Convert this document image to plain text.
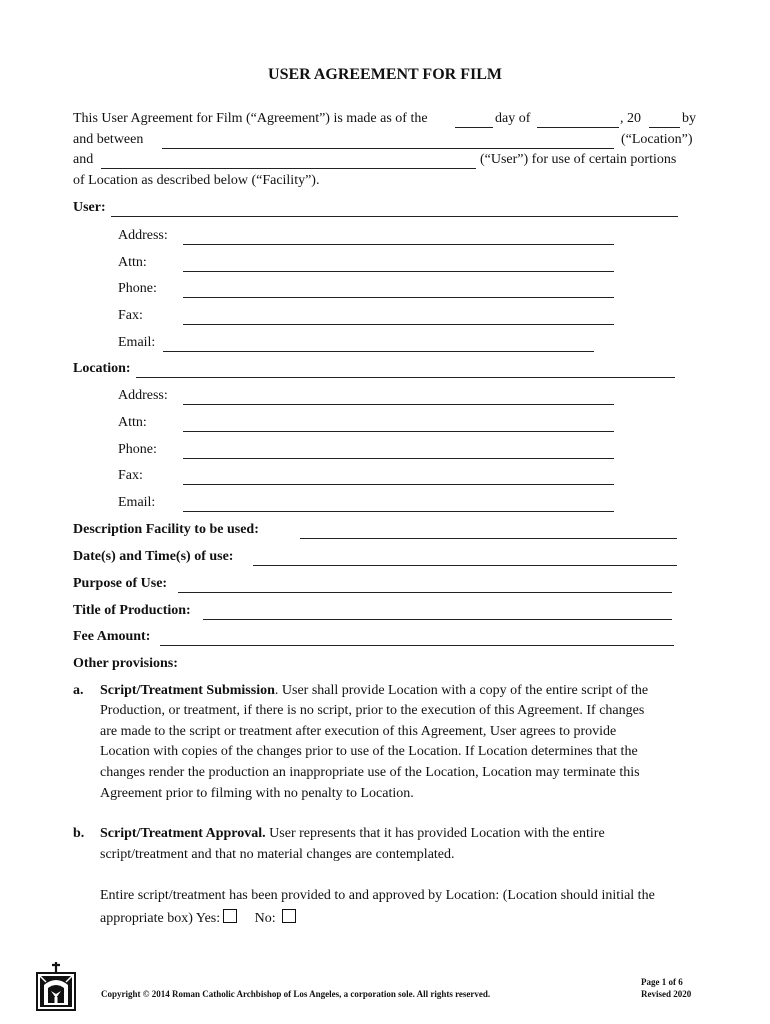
USER AGREEMENT FOR FILM
This User Agreement for Film (“Agreement”) is made as of the	day of	, 20	by
and between	(“Location”)
and	(“User”) for use of certain portions
of Location as described below (“Facility”).
User:
Address:
Attn:
Phone:
Fax:
Email:
Location:
Address:
Attn:
Phone:
Fax:
Email:
Description Facility to be used:
Date(s) and Time(s) of use:
Purpose of Use:
Title of Production:
Fee Amount:
Other provisions:
a. Script/Treatment Submission. User shall provide Location with a copy of the entire script of the
Production, or treatment, if there is no script, prior to the execution of this Agreement. If changes
are made to the script or treatment after execution of this Agreement, User agrees to provide
Location with copies of the changes prior to use of the Location. If Location determines that the
changes render the production an inappropriate use of the Location, Location may terminate this
Agreement prior to filming with no penalty to Location.
b. Script/Treatment Approval. User represents that it has provided Location with the entire
script/treatment and that no material changes are contemplated.
Entire script/treatment has been provided to and approved by Location: (Location should initial the
appropriate box) Yes: No:
Copyright © 2014 Roman Catholic Archbishop of Los Angeles, a corporation sole. All rights reserved.
Page 1 of 6
Revised 2020
